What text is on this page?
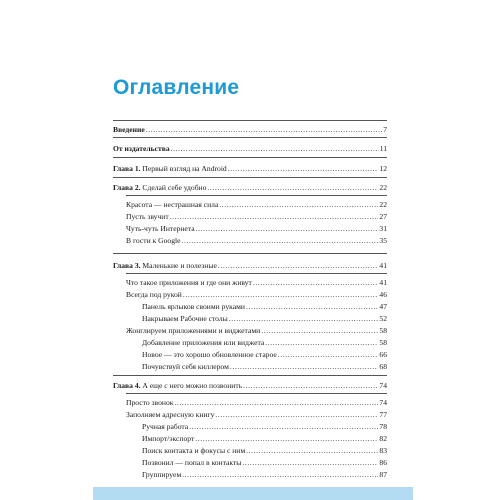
Оглавление
Введение .....	7
От издательства .....	11
Глава 1. Первый взгляд на Android .....	12
Глава 2. Сделай себе удобно .....	22
Красота — нестрашная сила .....	22
Пусть звучит .....	27
Чуть-чуть Интернета .....	31
В гости к Google .....	35
Глава 3. Маленькие и полезные .....	41
Что такое приложения и где они живут .....	41
Всегда под рукой .....	46
Панель ярлыков своими руками .....	47
Накрываем Рабочие столы .....	52
Жонглируем приложениями и виджетами .....	58
Добавление приложения или виджета .....	58
Новое — это хорошо обновленное старое .....	66
Почувствуй себя киллером .....	68
Глава 4. А еще с него можно позвонить .....	74
Просто звонок .....	74
Заполняем адресную книгу .....	77
Ручная работа .....	78
Импорт/экспорт .....	82
Поиск контакта и фокусы с ним .....	83
Позвонил — попал в контакты .....	86
Группируем .....	87
